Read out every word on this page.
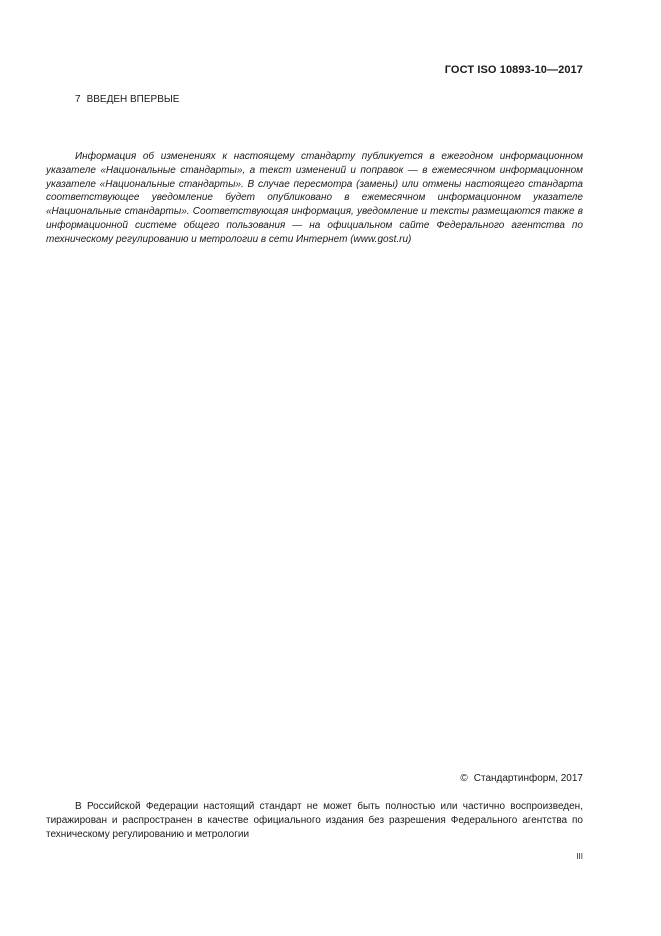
ГОСТ ISO 10893-10—2017
7 ВВЕДЕН ВПЕРВЫЕ

Информация об изменениях к настоящему стандарту публикуется в ежегодном информационном указателе «Национальные стандарты», а текст изменений и поправок — в ежемесячном информационном указателе «Национальные стандарты». В случае пересмотра (замены) или отмены настоящего стандарта соответствующее уведомление будет опубликовано в ежемесячном информационном указателе «Национальные стандарты». Соответствующая информация, уведомление и тексты размещаются также в информационной системе общего пользования — на официальном сайте Федерального агентства по техническому регулированию и метрологии в сети Интернет (www.gost.ru)

© Стандартинформ, 2017

В Российской Федерации настоящий стандарт не может быть полностью или частично воспроизведен, тиражирован и распространен в качестве официального издания без разрешения Федерального агентства по техническому регулированию и метрологии

III
